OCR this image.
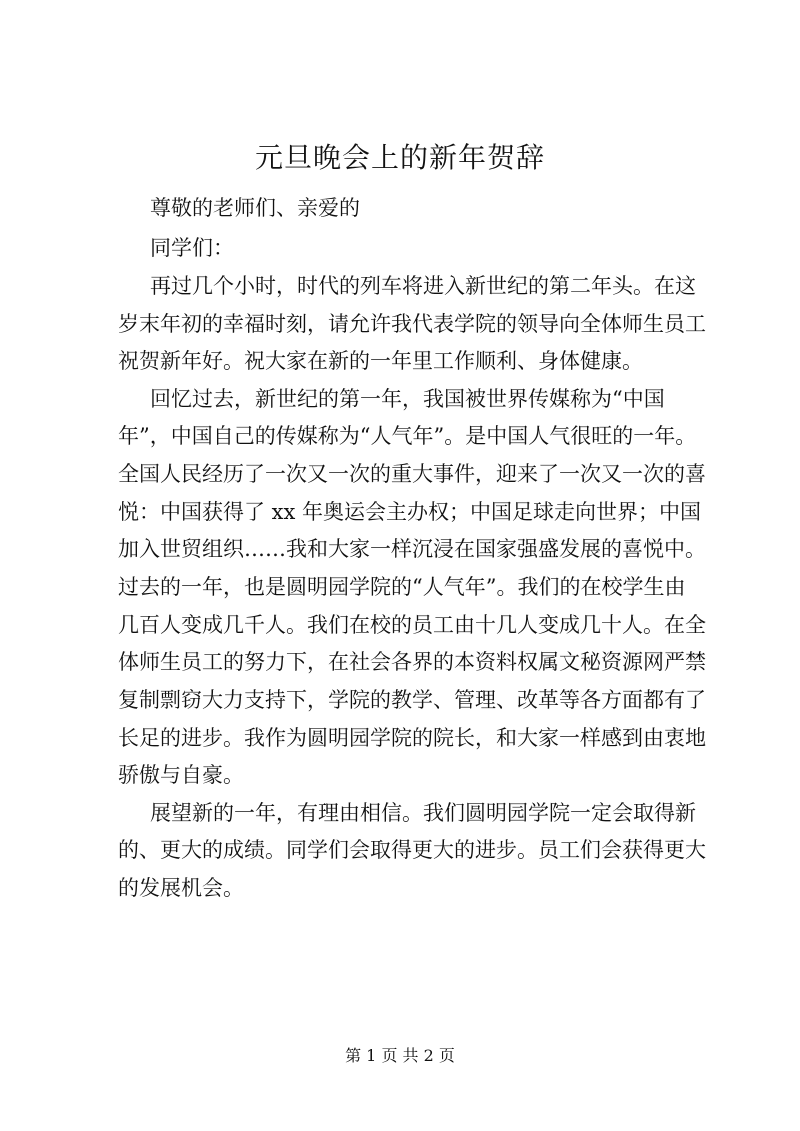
元旦晚会上的新年贺辞
尊敬的老师们、亲爱的
同学们：
再过几个小时，时代的列车将进入新世纪的第二年头。在这
岁末年初的幸福时刻，请允许我代表学院的领导向全体师生员工
祝贺新年好。祝大家在新的一年里工作顺利、身体健康。
回忆过去，新世纪的第一年，我国被世界传媒称为“中国
年”，中国自己的传媒称为“人气年”。是中国人气很旺的一年。
全国人民经历了一次又一次的重大事件，迎来了一次又一次的喜
悦：中国获得了 xx 年奥运会主办权；中国足球走向世界；中国
加入世贸组织……我和大家一样沉浸在国家强盛发展的喜悦中。
过去的一年，也是圆明园学院的“人气年”。我们的在校学生由
几百人变成几千人。我们在校的员工由十几人变成几十人。在全
体师生员工的努力下，在社会各界的本资料权属文秘资源网严禁
复制剽窃大力支持下，学院的教学、管理、改革等各方面都有了
长足的进步。我作为圆明园学院的院长，和大家一样感到由衷地
骄傲与自豪。
展望新的一年，有理由相信。我们圆明园学院一定会取得新
的、更大的成绩。同学们会取得更大的进步。员工们会获得更大
的发展机会。
第 1 页 共 2 页
